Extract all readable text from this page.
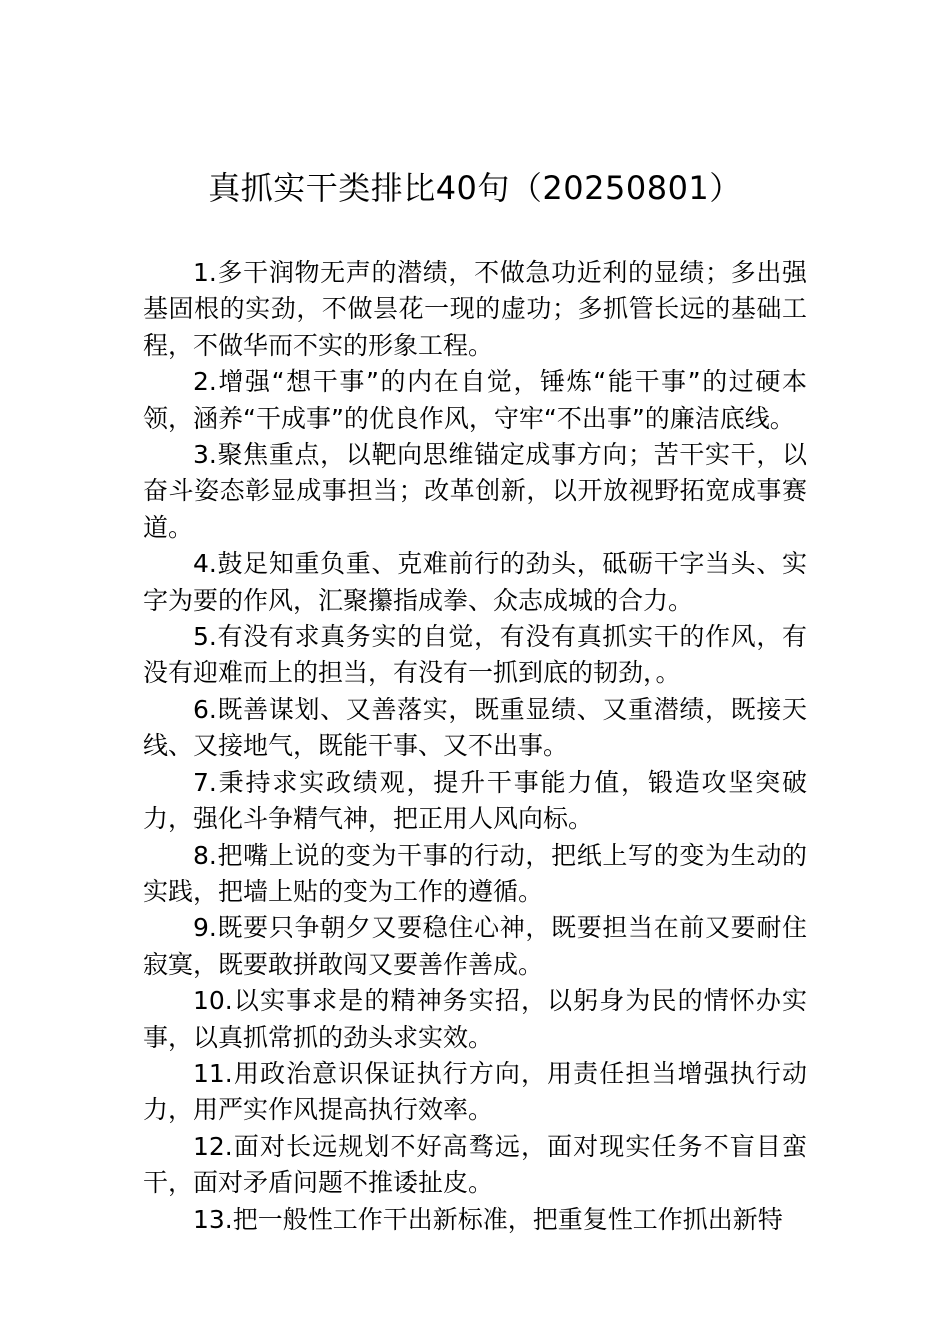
真抓实干类排比40句（20250801）

1.多干润物无声的潜绩，不做急功近利的显绩；多出强基固根的实劲，不做昙花一现的虚功；多抓管长远的基础工程，不做华而不实的形象工程。

2.增强“想干事”的内在自觉，锤炼“能干事”的过硬本领，涵养“干成事”的优良作风，守牢“不出事”的廉洁底线。

3.聚焦重点，以靶向思维锚定成事方向；苦干实干，以奋斗姿态彰显成事担当；改革创新，以开放视野拓宽成事赛道。

4.鼓足知重负重、克难前行的劲头，砥砺干字当头、实字为要的作风，汇聚攥指成拳、众志成城的合力。

5.有没有求真务实的自觉，有没有真抓实干的作风，有没有迎难而上的担当，有没有一抓到底的韧劲，。

6.既善谋划、又善落实，既重显绩、又重潜绩，既接天线、又接地气，既能干事、又不出事。

7.秉持求实政绩观，提升干事能力值，锻造攻坚突破力，强化斗争精气神，把正用人风向标。

8.把嘴上说的变为干事的行动，把纸上写的变为生动的实践，把墙上贴的变为工作的遵循。

9.既要只争朝夕又要稳住心神，既要担当在前又要耐住寂寞，既要敢拼敢闯又要善作善成。

10.以实事求是的精神务实招，以躬身为民的情怀办实事，以真抓常抓的劲头求实效。

11.用政治意识保证执行方向，用责任担当增强执行动力，用严实作风提高执行效率。

12.面对长远规划不好高骛远，面对现实任务不盲目蛮干，面对矛盾问题不推诿扯皮。

13.把一般性工作干出新标准，把重复性工作抓出新特
